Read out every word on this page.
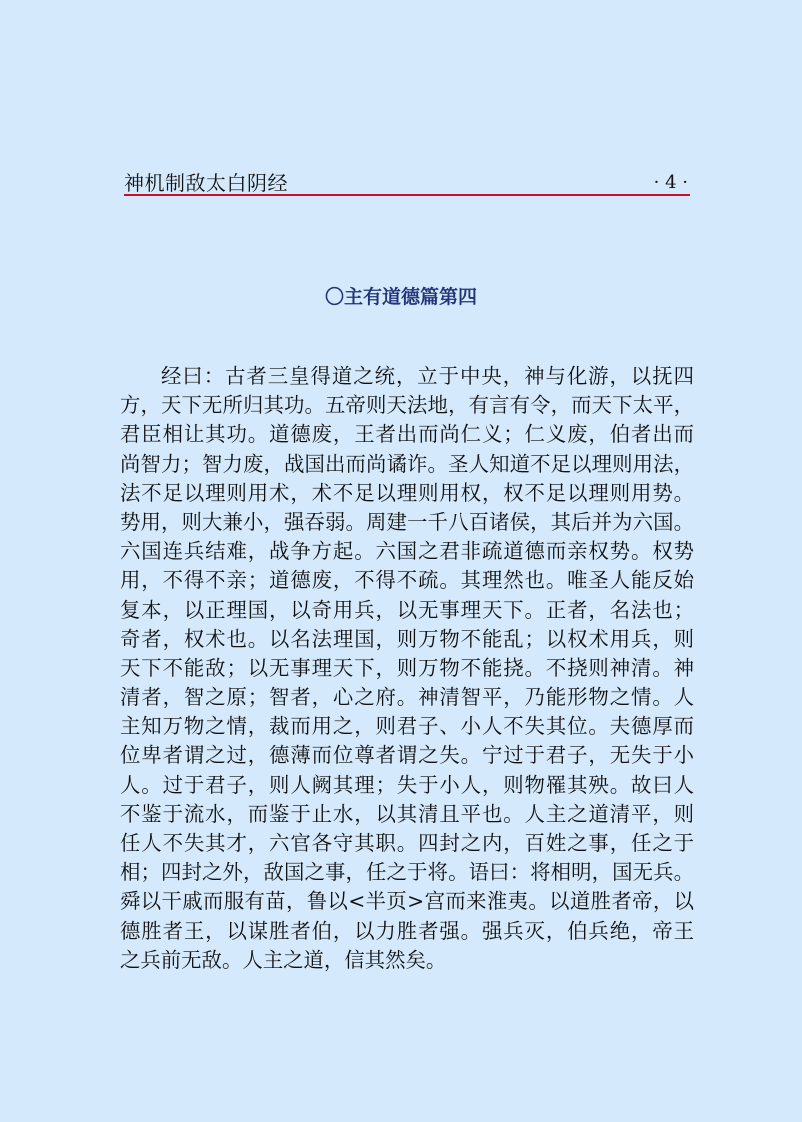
神机制敌太白阴经	· 4 ·
〇主有道德篇第四
经曰：古者三皇得道之统，立于中央，神与化游，以抚四
方，天下无所归其功。五帝则天法地，有言有令，而天下太平，
君臣相让其功。道德废，王者出而尚仁义；仁义废，伯者出而
尚智力；智力废，战国出而尚谲诈。圣人知道不足以理则用法，
法不足以理则用术，术不足以理则用权，权不足以理则用势。
势用，则大兼小，强吞弱。周建一千八百诸侯，其后并为六国。
六国连兵结难，战争方起。六国之君非疏道德而亲权势。权势
用，不得不亲；道德废，不得不疏。其理然也。唯圣人能反始
复本，以正理国，以奇用兵，以无事理天下。正者，名法也；
奇者，权术也。以名法理国，则万物不能乱；以权术用兵，则
天下不能敌；以无事理天下，则万物不能挠。不挠则神清。神
清者，智之原；智者，心之府。神清智平，乃能形物之情。人
主知万物之情，裁而用之，则君子、小人不失其位。夫德厚而
位卑者谓之过，德薄而位尊者谓之失。宁过于君子，无失于小
人。过于君子，则人阙其理；失于小人，则物罹其殃。故曰人
不鉴于流水，而鉴于止水，以其清且平也。人主之道清平，则
任人不失其才，六官各守其职。四封之内，百姓之事，任之于
相；四封之外，敌国之事，任之于将。语曰：将相明，国无兵。
舜以干戚而服有苗，鲁以<半页>宫而来淮夷。以道胜者帝，以
德胜者王，以谋胜者伯，以力胜者强。强兵灭，伯兵绝，帝王
之兵前无敌。人主之道，信其然矣。
